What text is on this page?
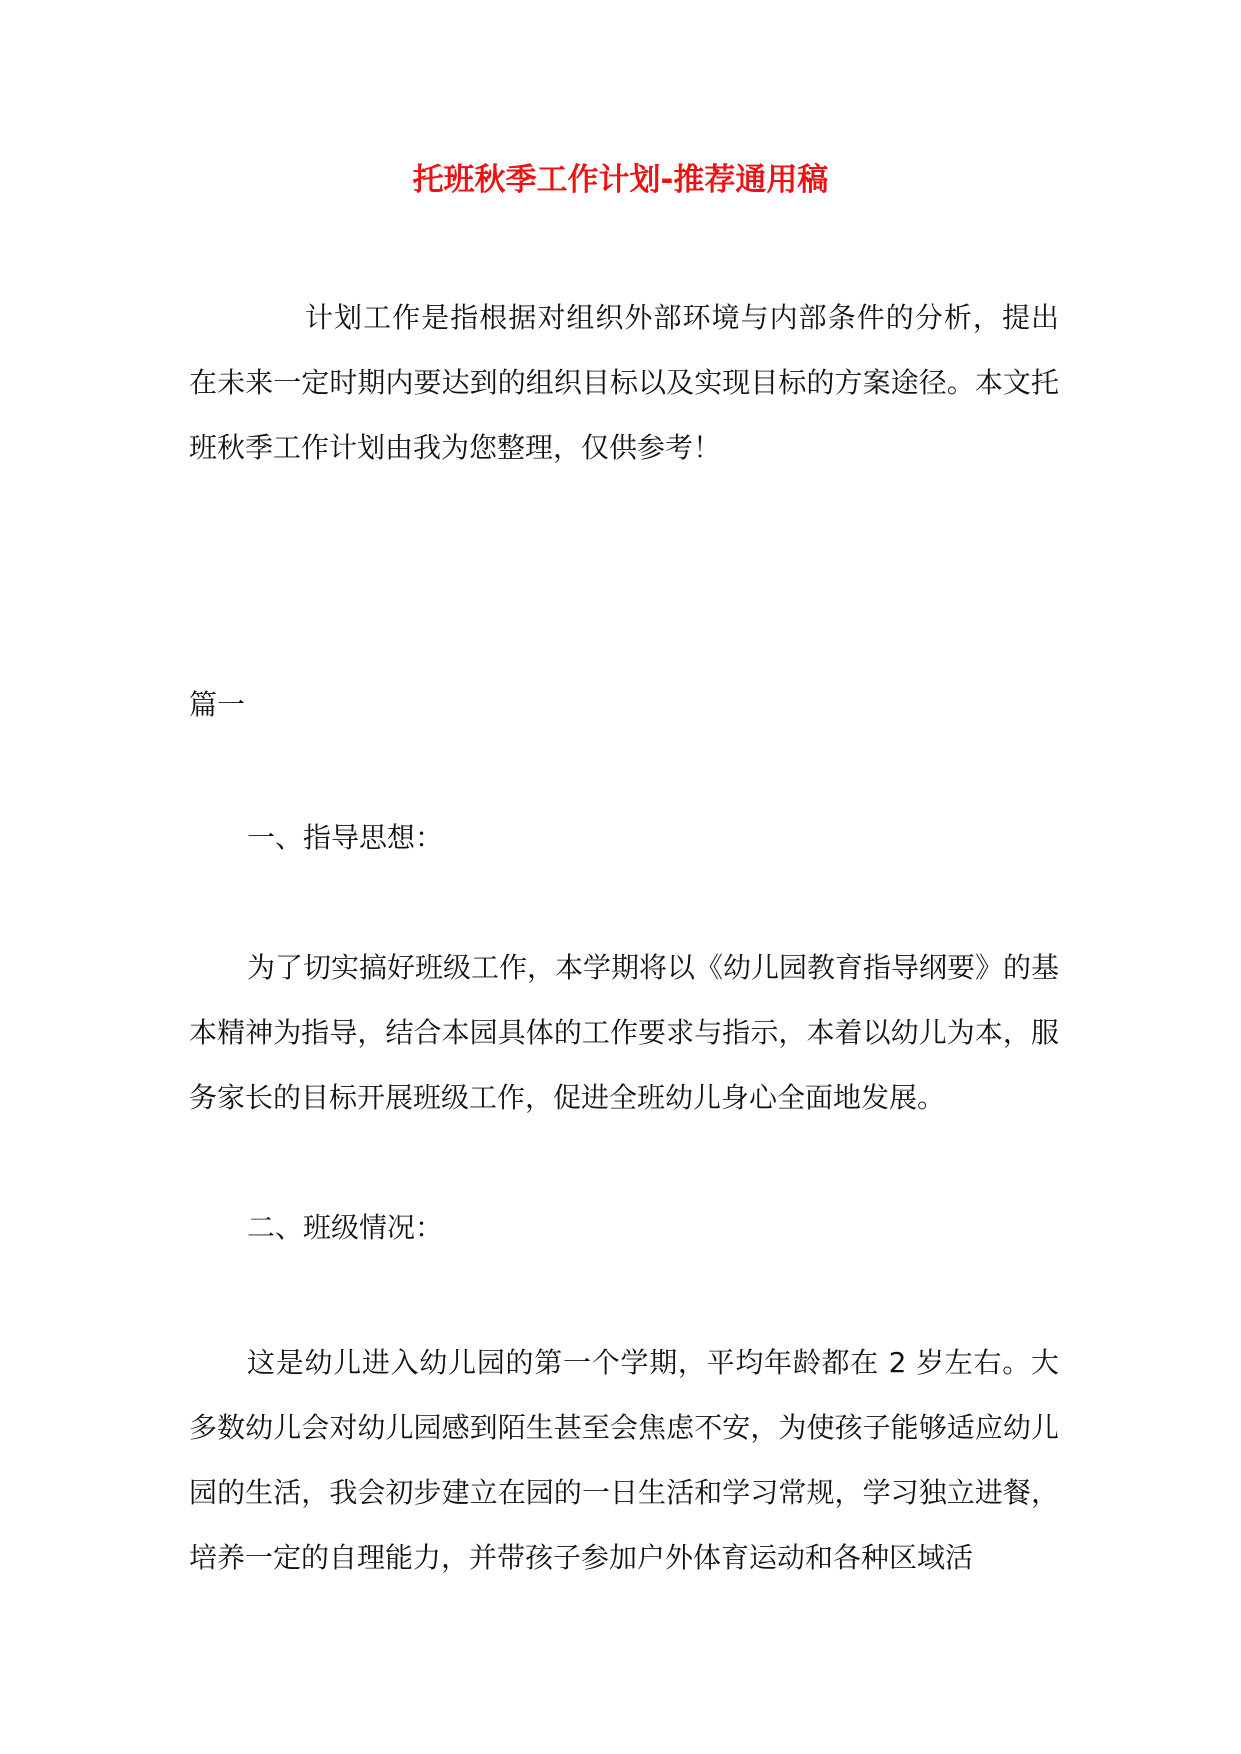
托班秋季工作计划-推荐通用稿

计划工作是指根据对组织外部环境与内部条件的分析，提出在未来一定时期内要达到的组织目标以及实现目标的方案途径。本文托班秋季工作计划由我为您整理，仅供参考！

篇一

一、指导思想：

为了切实搞好班级工作，本学期将以《幼儿园教育指导纲要》的基本精神为指导，结合本园具体的工作要求与指示，本着以幼儿为本，服务家长的目标开展班级工作，促进全班幼儿身心全面地发展。

二、班级情况：

这是幼儿进入幼儿园的第一个学期，平均年龄都在 2 岁左右。大多数幼儿会对幼儿园感到陌生甚至会焦虑不安，为使孩子能够适应幼儿园的生活，我会初步建立在园的一日生活和学习常规，学习独立进餐，培养一定的自理能力，并带孩子参加户外体育运动和各种区域活
